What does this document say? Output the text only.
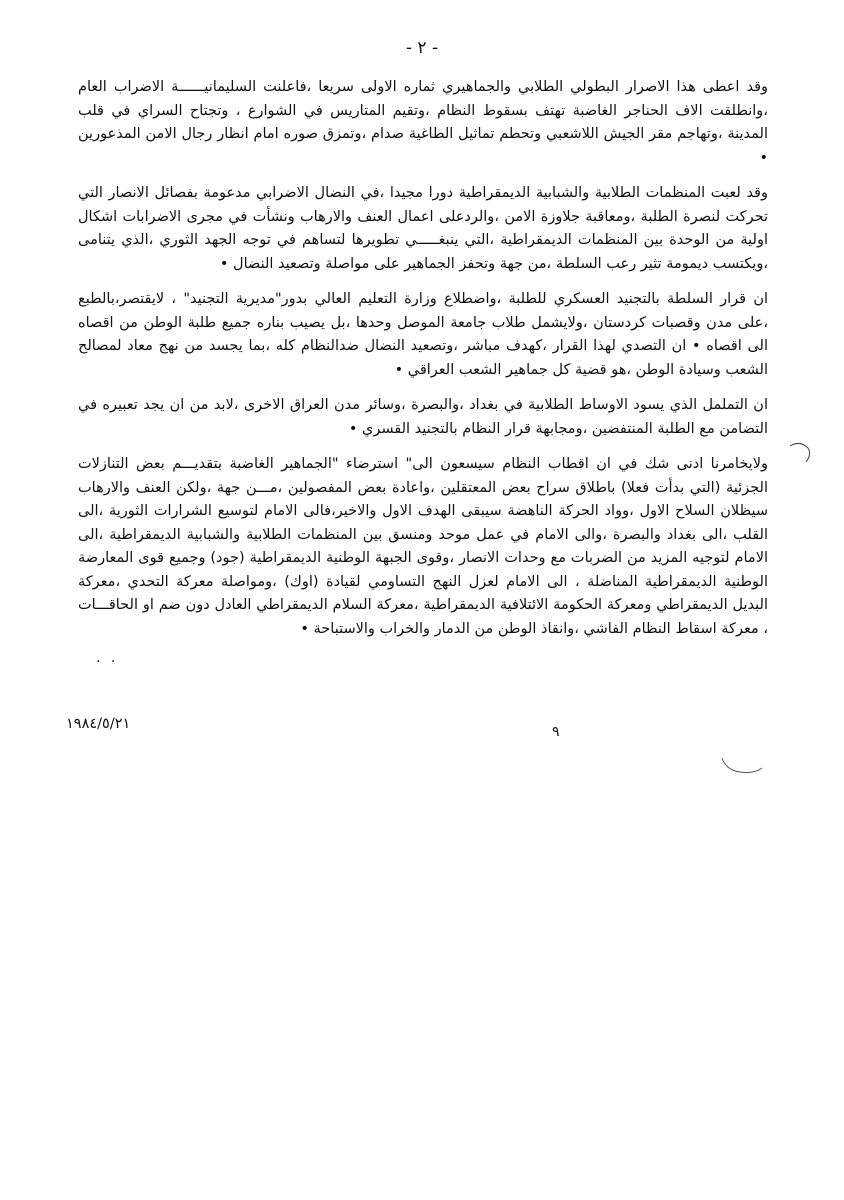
- ٢ -

وقد اعطى هذا الاصرار البطولي الطلابي والجماهيري ثماره الاولى سريعا ،فاعلنت السليمانيــــــة الاضراب العام ،وانطلقت الاف الحناجر الغاضبة تهتف بسقوط النظام ،وتقيم المتاريس في الشوارع ، وتجتاح السراي في قلب المدينة ،وتهاجم مقر الجيش اللاشعبي وتحطم تماثيل الطاغية صدام ،وتمزق صوره امام انظار رجال الامن المذعورين •

وقد لعبت المنظمات الطلابية والشبابية الديمقراطية دورا مجيدا ،في النضال الاضرابي مدعومة بفصائل الانصار التي تحركت لنصرة الطلبة ،ومعاقبة جلاوزة الامن ،والردعلى اعمال العنف والارهاب ونشأت في مجرى الاضرابات اشكال اولية من الوحدة بين المنظمات الديمقراطية ،التي ينبغـــــي تطويرها لتساهم في توجه الجهد الثوري ،الذي يتنامى ،ويكتسب ديمومة تثير رعب السلطة ،من جهة وتحفز الجماهير على مواصلة وتصعيد النضال •

ان قرار السلطة بالتجنيد العسكري للطلبة ،واضطلاع وزارة التعليم العالي بدور"مديرية التجنيد" ، لايقتصر،بالطبع ،على مدن وقصبات كردستان ،ولايشمل طلاب جامعة الموصل وحدها ،بل يصيب بناره جميع طلبة الوطن من اقصاه الى اقصاه • ان التصدي لهذا القرار ،كهدف مباشر ،وتصعيد النضال ضدالنظام كله ،بما يجسد من نهج معاد لمصالح الشعب وسيادة الوطن ،هو قضية كل جماهير الشعب العراقي •

ان التململ الذي يسود الاوساط الطلابية في بغداد ،والبصرة ،وسائر مدن العراق الاخرى ،لابد من ان يجد تعبيره في التضامن مع الطلبة المنتفضين ،ومجابهة قرار النظام بالتجنيد القسري •

ولايخامرنا ادنى شك في ان اقطاب النظام سيسعون الى" استرضاء "الجماهير الغاضبة بتقديـــم بعض التنازلات الجزئية (التي بدأت فعلا) باطلاق سراح بعض المعتقلين ،واعادة بعض المفصولين ،مـــن جهة ،ولكن العنف والارهاب سيظلان السلاح الاول ،وواد الحركة الناهضة سيبقى الهدف الاول والاخير،فالى الامام لتوسيع الشرارات الثورية ،الى القلب ،الى بغداد والبصرة ،والى الامام في عمل موحد ومنسق بين المنظمات الطلابية والشبابية الديمقراطية ،الى الامام لتوجيه المزيد من الضربات مع وحدات الانصار ،وقوى الجبهة الوطنية الديمقراطية (جود) وجميع قوى المعارضة الوطنية الديمقراطية المناضلة ، الى الامام لعزل النهج التساومي لقيادة (اوك) ،ومواصلة معركة التحدي ،معركة البديل الديمقراطي ومعركة الحكومة الائتلافية الديمقراطية ،معركة السلام الديمقراطي العادل دون ضم او الحاقـــات ، معركة اسقاط النظام الفاشي ،وانقاذ الوطن من الدمار والخراب والاستباحة •

. .
٩
١٩٨٤/٥/٢١
